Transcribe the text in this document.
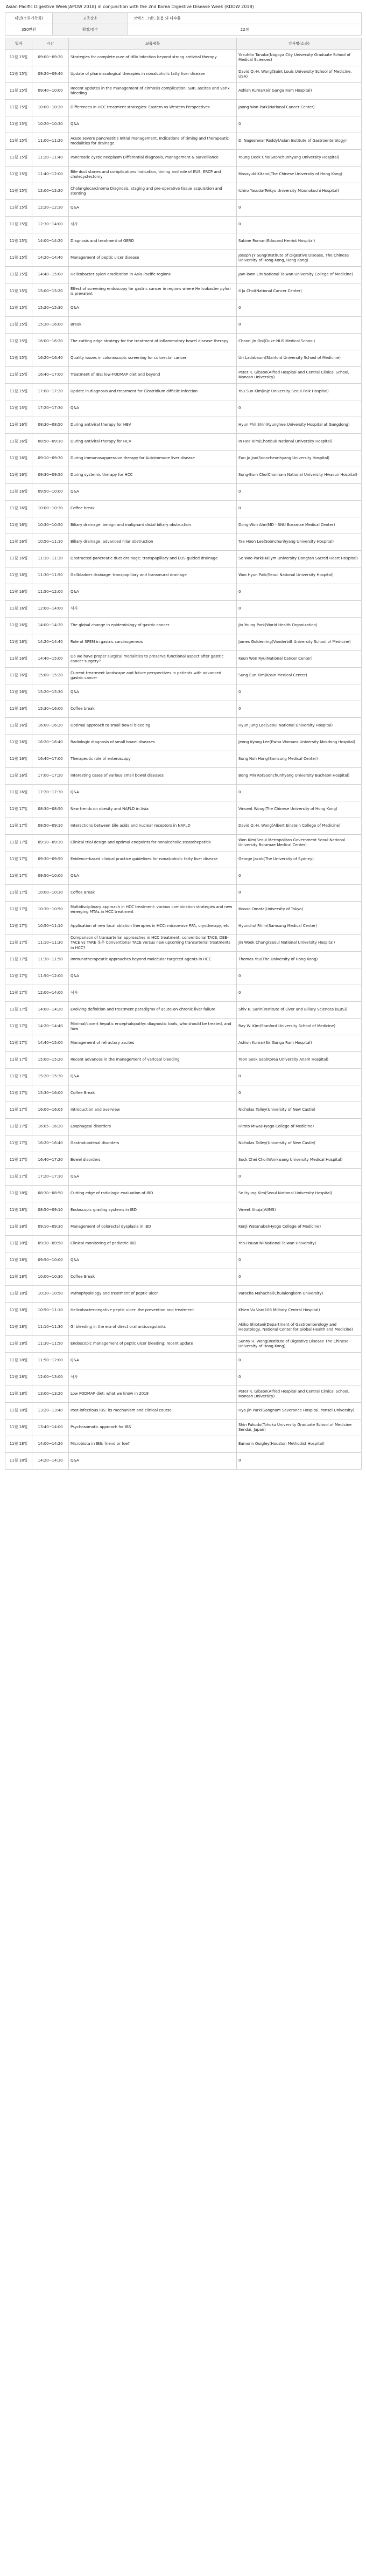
Asian Pacific Digestive Week(APDW 2018) in conjunction with the 2nd Korea Digestive Disease Week (KDDW 2018)
대면(소화기학회)	교육장소	코엑스 그랜드볼룸 외 다수홀
350만원	평점/점수	22점
일자	시간	교육제목	강사명(소속)
11월 15일	09:00~09:20	Strategies for complete cure of HBV infection beyond strong antiviral therapy	Yasuhito Tanaka(Nagoya City University Graduate School of Medical Sciences)
11월 15일	09:20~09:40	Update of pharmacological therapies in nonalcoholic fatty liver disease	David Q.-H. Wang(Saint Louis University School of Medicine, USA)
11월 15일	09:40~10:00	Recent updates in the management of cirrhosis complication: SBP, ascites and varix bleeding	Ashish Kumar(Sir Ganga Ram Hospital)
11월 15일	10:00~10:20	Differences in HCC treatment strategies: Eastern vs Western Perspectives	Joong-Won Park(National Cancer Center)
11월 15일	10:20~10:30	Q&A	0
11월 15일	11:00~11:20	Acute severe pancreatitis Initial management, Indications of timing and therapeutic modalities for drainage	D. Nageshwar Reddy(Asian Institute of Gastroenterology)
11월 15일	11:20~11:40	Pancreatic cystic neoplasm Differential diagnosis, management & surveillance	Young Deok Cho(Soonchunhyang University Hospital)
11월 15일	11:40~12:00	Bile duct stones and complications Indication, timing and role of EUS, ERCP and cholecystectomy	Masayuki Kitano(The Chinese University of Hong Kong)
11월 15일	12:00~12:20	Cholangiocarcinoma Diagnosis, staging and pre-operative tissue acquisition and stenting	Ichiro Yasuda(Teikyo University Mizonokuchi Hospital)
11월 15일	12:20~12:30	Q&A	0
11월 15일	12:30~14:00	식사	0
11월 15일	14:00~14:20	Diagnosis and treatment of GERD	Sabine Roman(Edouard Herriot Hospital)
11월 15일	14:20~14:40	Management of peptic ulcer disease	Joseph JY Sung(Institute of Digestive Disease, The Chinese University of Hong Kong, Hong Kong)
11월 15일	14:40~15:00	Helicobacter pylori eradication in Asia-Pacific regions	Jaw-Town Lin(National Taiwan University College of Medicine)
11월 15일	15:00~15:20	Effect of screening endoscopy for gastric cancer in regions where Helicobacter pylori is prevalent	Il Ju Choi(National Cancer Center)
11월 15일	15:20~15:30	Q&A	0
11월 15일	15:30~16:00	Break	0
11월 15일	16:00~16:20	The cutting edge strategy for the treatment of inflammatory bowel disease therapy	Choon Jin Ooi(Duke-NUS Medical School)
11월 15일	16:20~16:40	Quality issues in colonoscopic screening for colorectal cancer	Uri Ladabaum(Stanford University School of Medicine)
11월 15일	16:40~17:00	Treatment of IBS: low-FODMAP diet and beyond	Peter R. Gibson(Alfred Hospital and Central Clinical School, Monash University)
11월 15일	17:00~17:20	Update in diagnosis and treatment for Clostridium difficile infection	You Sun Kim(Inje University Seoul Paik Hospital)
11월 15일	17:20~17:30	Q&A	0
11월 16일	08:30~08:50	During antiviral therapy for HBV	Hyun Phil Shin(Kyunghee University Hospital at Gangdong)
11월 16일	08:50~09:10	During antiviral therapy for HCV	In Hee Kim(Chonbuk National University Hospital)
11월 16일	09:10~09:30	During immunosuppressive therapy for Autoimmune liver disease	Eun Jo Joo(Sooncheonhyang University Hospital)
11월 16일	09:30~09:50	During systemic therapy for HCC	Sung-Bum Cho(Chonnam National University Hwasun Hospital)
11월 16일	09:50~10:00	Q&A	0
11월 16일	10:00~10:30	Coffee break	0
11월 16일	10:30~10:50	Biliary drainage: benign and malignant distal biliary obstruction	Dong-Won Ahn(MD - SNU Boramae Medical Center)
11월 16일	10:50~11:10	Biliary drainage: advanced hilar obstruction	Tae Hoon Lee(Soonchunhyang University Hospital)
11월 16일	11:10~11:30	Obstructed pancreatic duct drainage: transpapillary and EUS-guided drainage	Se Woo Park(Hallym University Dongtan Sacred Heart Hospital)
11월 16일	11:30~11:50	Gallbladder drainage: transpapillary and transmural drainage	Woo Hyun Paik(Seoul National University Hospital)
11월 16일	11:50~12:00	Q&A	0
11월 16일	12:00~14:00	식사	0
11월 16일	14:00~14:20	The global change in epidemiology of gastric cancer	Jin Young Park(World Health Organization)
11월 16일	14:20~14:40	Role of SPEM in gastric carcinogenesis	James Goldenring(Vanderbilt University School of Medicine)
11월 16일	14:40~15:00	Do we have proper surgical modalities to preserve functional aspect after gastric cancer surgery?	Keun Won Ryu(National Cancer Center)
11월 16일	15:00~15:20	Current treatment landscape and future perspectives in patients with advanced gastric cancer	Sung Eun Kim(Kosin Medical Center)
11월 16일	15:20~15:30	Q&A	0
11월 16일	15:30~16:00	Coffee break	0
11월 16일	16:00~16:20	Optimal approach to small bowel bleeding	Hyun Jung Lee(Seoul National University Hospital)
11월 16일	16:20~16:40	Radiologic diagnosis of small bowel diseases	Jeong Kyong Lee(Ewha Womans University Mokdong Hospital)
11월 16일	16:40~17:00	Therapeutic role of enteroscopy	Sung Noh Hong(Samsung Medical Center)
11월 16일	17:00~17:20	Interesting cases of various small bowel diseases	Bong Min Ko(Soonchunhyang University Bucheon Hospital)
11월 16일	17:20~17:30	Q&A	0
11월 17일	08:30~08:50	New trends on obesity and NAFLD in Asia	Vincent Wong(The Chinese University of Hong Kong)
11월 17일	08:50~09:10	Interactions between bile acids and nuclear receptors in NAFLD	David Q.-H. Wang(Albert Einstein College of Medicine)
11월 17일	09:10~09:30	Clinical trial design and optimal endpoints for nonalcoholic steatohepatitis	Won Kim(Seoul Metropolitan Government Seoul National University Boramae Medical Center)
11월 17일	09:30~09:50	Evidence-based clinical practice guidelines for nonalcoholic fatty liver disease	George Jacob(The University of Sydney)
11월 17일	09:50~10:00	Q&A	0
11월 17일	10:00~10:30	Coffee Break	0
11월 17일	10:30~10:50	Multidisciplinary approach in HCC treatment: various combination strategies and new emerging MTAs in HCC treatment	Masao Omata(University of Tokyo)
11월 17일	10:50~11:10	Application of new local ablation therapies in HCC: microwave RFA, cryotherapy, etc	Hyunchul Rhim(Samsung Medical Center)
11월 17일	11:10~11:30	Comparison of transarterial approaches in HCC treatment: conventional TACE, DEB-TACE vs TARE 혹은 Conventional TACE versus new upcoming transarterial treatments in HCC?	Jin Wook Chung(Seoul National University Hospital)
11월 17일	11:30~11:50	Immunotherapeutic approaches beyond molecular targeted agents in HCC	Thomas Yau(The University of Hong Kong)
11월 17일	11:50~12:00	Q&A	0
11월 17일	12:00~14:00	식사	0
11월 17일	14:00~14:20	Evolving definition and treatment paradigms of acute-on-chronic liver failure	Shiv K. Sarin(Institute of Liver and Biliary Sciences (ILBS))
11월 17일	14:20~14:40	Minimal/covert hepatic encephalopathy: diagnostic tools, who should be treated, and how	Ray W. Kim(Stanford University School of Medicine)
11월 17일	14:40~15:00	Management of refractory ascites	Ashish Kumar(Sir Ganga Ram Hospital)
11월 17일	15:00~15:20	Recent advances in the management of variceal bleeding	Yeon Seok Seo(Korea University Anam Hospital)
11월 17일	15:20~15:30	Q&A	0
11월 17일	15:30~16:00	Coffee Break	0
11월 17일	16:00~16:05	Introduction and overview	Nicholas Talley(University of New Castle)
11월 17일	16:05~16:20	Esophageal disorders	Hiroto Miwa(Hyogo College of Medicine)
11월 17일	16:20~16:40	Gastroduodenal disorders	Nicholas Talley(University of New Castle)
11월 17일	16:40~17:20	Bowel disorders	Suck Chei Choi(Wonkwang University Medical Hospital)
11월 17일	17:20~17:30	Q&A	0
11월 18일	08:30~08:50	Cutting edge of radiologic evaluation of IBD	Se Hyung Kim(Seoul National University Hospital)
11월 18일	08:50~09:10	Endoscopic grading systems in IBD	Vineet Ahuja(AIIMS)
11월 18일	09:10~09:30	Management of colorectal dysplasia in IBD	Kenji Watanabe(Hyogo College of Medicine)
11월 18일	09:30~09:50	Clinical monitoring of pediatric IBD	Yen-Hsuan Ni(National Taiwan University)
11월 18일	09:50~10:00	Q&A	0
11월 18일	10:00~10:30	Coffee Break	0
11월 18일	10:30~10:50	Pathophysiology and treatment of peptic ulcer	Varocha Mahachai(Chulalongkorn University)
11월 18일	10:50~11:10	Helicobacter-negative peptic ulcer: the prevention and treatment	Khien Vu Van(108 Military Central Hospital)
11월 18일	11:10~11:30	GI bleeding in the era of direct oral anticoagulants	Akiko Shiotani(Department of Gastroenterology and Hepatology, National Center for Global Health and Medicine)
11월 18일	11:30~11:50	Endoscopic management of peptic ulcer bleeding: recent update	Sunny H. Wong(Institute of Digestive Disease The Chinese University of Hong Kong)
11월 18일	11:50~12:00	Q&A	0
11월 18일	12:00~13:00	식사	0
11월 18일	13:00~13:20	Low FODMAP diet: what we know in 2018	Peter R. Gibson(Alfred Hospital and Central Clinical School, Monash University)
11월 18일	13:20~13:40	Post-infectious IBS: its mechanism and clinical course	Hyo Jin Park(Gangnam Severance Hospital, Yonsei University)
11월 18일	13:40~14:00	Psychosomatic approach for IBS	Shin Fukudo(Tohoku University Graduate School of Medicine Sendai, Japan)
11월 18일	14:00~14:20	Microbiota in IBS: friend or foe?	Eamonn Quigley(Houston Methodist Hospital)
11월 18일	14:20~14:30	Q&A	0
